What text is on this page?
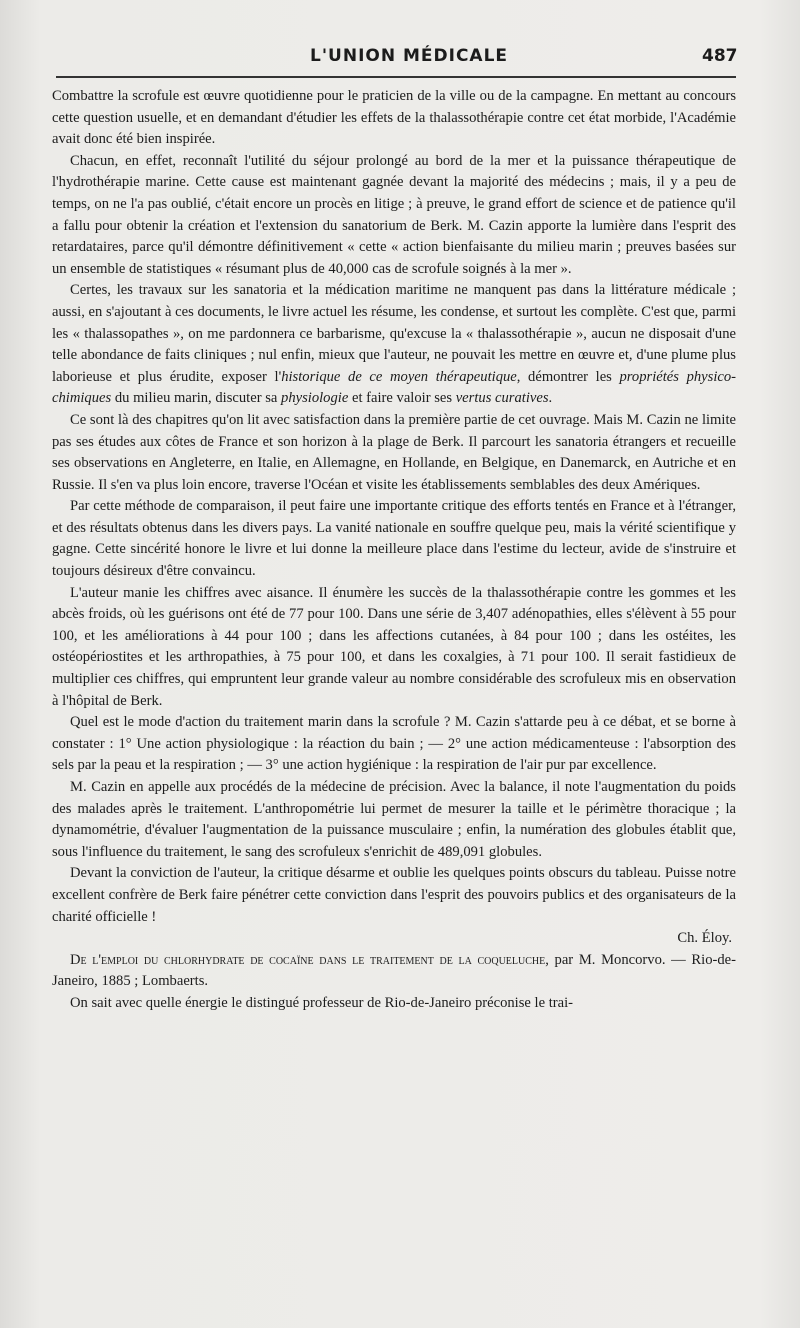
L'UNION MÉDICALE	487

Combattre la scrofule est œuvre quotidienne pour le praticien de la ville ou de la campagne. En mettant au concours cette question usuelle, et en demandant d'étudier les effets de la thalassothérapie contre cet état morbide, l'Académie avait donc été bien inspirée.

Chacun, en effet, reconnaît l'utilité du séjour prolongé au bord de la mer et la puissance thérapeutique de l'hydrothérapie marine. Cette cause est maintenant gagnée devant la majorité des médecins ; mais, il y a peu de temps, on ne l'a pas oublié, c'était encore un procès en litige ; à preuve, le grand effort de science et de patience qu'il a fallu pour obtenir la création et l'extension du sanatorium de Berk. M. Cazin apporte la lumière dans l'esprit des retardataires, parce qu'il démontre définitivement « cette « action bienfaisante du milieu marin ; preuves basées sur un ensemble de statistiques « résumant plus de 40,000 cas de scrofule soignés à la mer ».

Certes, les travaux sur les sanatoria et la médication maritime ne manquent pas dans la littérature médicale ; aussi, en s'ajoutant à ces documents, le livre actuel les résume, les condense, et surtout les complète. C'est que, parmi les « thalassopathes », on me pardonnera ce barbarisme, qu'excuse la « thalassothérapie », aucun ne disposait d'une telle abondance de faits cliniques ; nul enfin, mieux que l'auteur, ne pouvait les mettre en œuvre et, d'une plume plus laborieuse et plus érudite, exposer l'historique de ce moyen thérapeutique, démontrer les propriétés physico-chimiques du milieu marin, discuter sa physiologie et faire valoir ses vertus curatives.

Ce sont là des chapitres qu'on lit avec satisfaction dans la première partie de cet ouvrage. Mais M. Cazin ne limite pas ses études aux côtes de France et son horizon à la plage de Berk. Il parcourt les sanatoria étrangers et recueille ses observations en Angleterre, en Italie, en Allemagne, en Hollande, en Belgique, en Danemarck, en Autriche et en Russie. Il s'en va plus loin encore, traverse l'Océan et visite les établissements semblables des deux Amériques.

Par cette méthode de comparaison, il peut faire une importante critique des efforts tentés en France et à l'étranger, et des résultats obtenus dans les divers pays. La vanité nationale en souffre quelque peu, mais la vérité scientifique y gagne. Cette sincérité honore le livre et lui donne la meilleure place dans l'estime du lecteur, avide de s'instruire et toujours désireux d'être convaincu.

L'auteur manie les chiffres avec aisance. Il énumère les succès de la thalassothérapie contre les gommes et les abcès froids, où les guérisons ont été de 77 pour 100. Dans une série de 3,407 adénopathies, elles s'élèvent à 55 pour 100, et les améliorations à 44 pour 100 ; dans les affections cutanées, à 84 pour 100 ; dans les ostéites, les ostéopériostites et les arthropathies, à 75 pour 100, et dans les coxalgies, à 71 pour 100. Il serait fastidieux de multiplier ces chiffres, qui empruntent leur grande valeur au nombre considérable des scrofuleux mis en observation à l'hôpital de Berk.

Quel est le mode d'action du traitement marin dans la scrofule ? M. Cazin s'attarde peu à ce débat, et se borne à constater : 1° Une action physiologique : la réaction du bain ; — 2° une action médicamenteuse : l'absorption des sels par la peau et la respiration ; — 3° une action hygiénique : la respiration de l'air pur par excellence.

M. Cazin en appelle aux procédés de la médecine de précision. Avec la balance, il note l'augmentation du poids des malades après le traitement. L'anthropométrie lui permet de mesurer la taille et le périmètre thoracique ; la dynamométrie, d'évaluer l'augmentation de la puissance musculaire ; enfin, la numération des globules établit que, sous l'influence du traitement, le sang des scrofuleux s'enrichit de 489,091 globules.

Devant la conviction de l'auteur, la critique désarme et oublie les quelques points obscurs du tableau. Puisse notre excellent confrère de Berk faire pénétrer cette conviction dans l'esprit des pouvoirs publics et des organisateurs de la charité officielle !

Ch. Éloy.

De l'emploi du chlorhydrate de cocaïne dans le traitement de la coqueluche, par M. Moncorvo. — Rio-de-Janeiro, 1885 ; Lombaerts.

On sait avec quelle énergie le distingué professeur de Rio-de-Janeiro préconise le trai-
